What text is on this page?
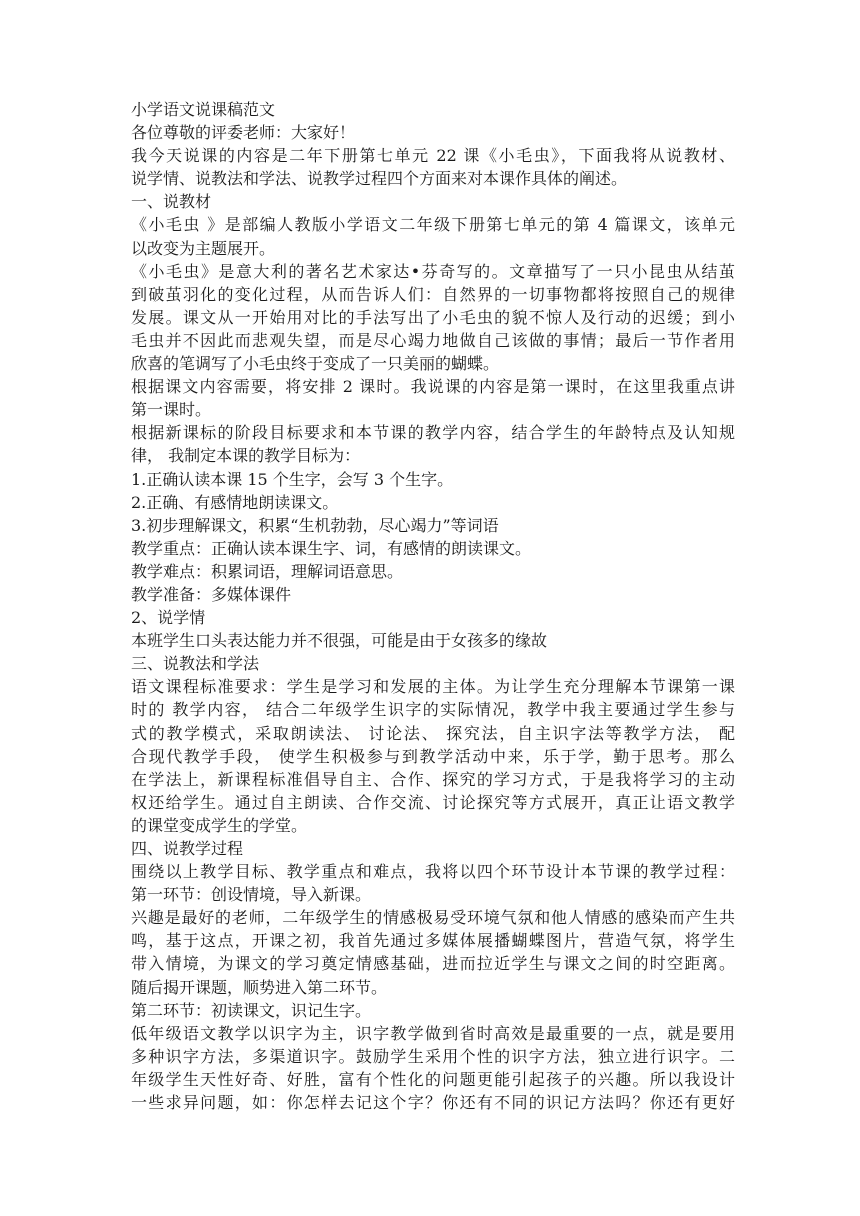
小学语文说课稿范文
各位尊敬的评委老师：大家好！
我今天说课的内容是二年下册第七单元 22 课《小毛虫》，下面我将从说教材、
说学情、说教法和学法、说教学过程四个方面来对本课作具体的阐述。
一、说教材
《小毛虫 》是部编人教版小学语文二年级下册第七单元的第 4 篇课文，该单元
以改变为主题展开。
《小毛虫》是意大利的著名艺术家达•芬奇写的。文章描写了一只小昆虫从结茧
到破茧羽化的变化过程，从而告诉人们：自然界的一切事物都将按照自己的规律
发展。课文从一开始用对比的手法写出了小毛虫的貌不惊人及行动的迟缓；到小
毛虫并不因此而悲观失望，而是尽心竭力地做自己该做的事情；最后一节作者用
欣喜的笔调写了小毛虫终于变成了一只美丽的蝴蝶。
根据课文内容需要，将安排 2 课时。我说课的内容是第一课时，在这里我重点讲
第一课时。
根据新课标的阶段目标要求和本节课的教学内容，结合学生的年龄特点及认知规
律， 我制定本课的教学目标为：
1.正确认读本课 15 个生字，会写 3 个生字。
2.正确、有感情地朗读课文。
3.初步理解课文，积累“生机勃勃，尽心竭力”等词语
教学重点：正确认读本课生字、词，有感情的朗读课文。
教学难点：积累词语，理解词语意思。
教学准备：多媒体课件
2、说学情
本班学生口头表达能力并不很强，可能是由于女孩多的缘故
三、说教法和学法
语文课程标准要求：学生是学习和发展的主体。为让学生充分理解本节课第一课
时的 教学内容， 结合二年级学生识字的实际情况，教学中我主要通过学生参与
式的教学模式，采取朗读法、 讨论法、 探究法，自主识字法等教学方法， 配
合现代教学手段， 使学生积极参与到教学活动中来，乐于学，勤于思考。那么
在学法上，新课程标准倡导自主、合作、探究的学习方式，于是我将学习的主动
权还给学生。通过自主朗读、合作交流、讨论探究等方式展开，真正让语文教学
的课堂变成学生的学堂。
四、说教学过程
围绕以上教学目标、教学重点和难点，我将以四个环节设计本节课的教学过程：
第一环节：创设情境，导入新课。
兴趣是最好的老师，二年级学生的情感极易受环境气氛和他人情感的感染而产生共
鸣，基于这点，开课之初，我首先通过多媒体展播蝴蝶图片，营造气氛，将学生
带入情境，为课文的学习奠定情感基础，进而拉近学生与课文之间的时空距离。
随后揭开课题，顺势进入第二环节。
第二环节：初读课文，识记生字。
低年级语文教学以识字为主，识字教学做到省时高效是最重要的一点，就是要用
多种识字方法，多渠道识字。鼓励学生采用个性的识字方法，独立进行识字。二
年级学生天性好奇、好胜，富有个性化的问题更能引起孩子的兴趣。所以我设计
一些求异问题，如：你怎样去记这个字？你还有不同的识记方法吗？你还有更好
